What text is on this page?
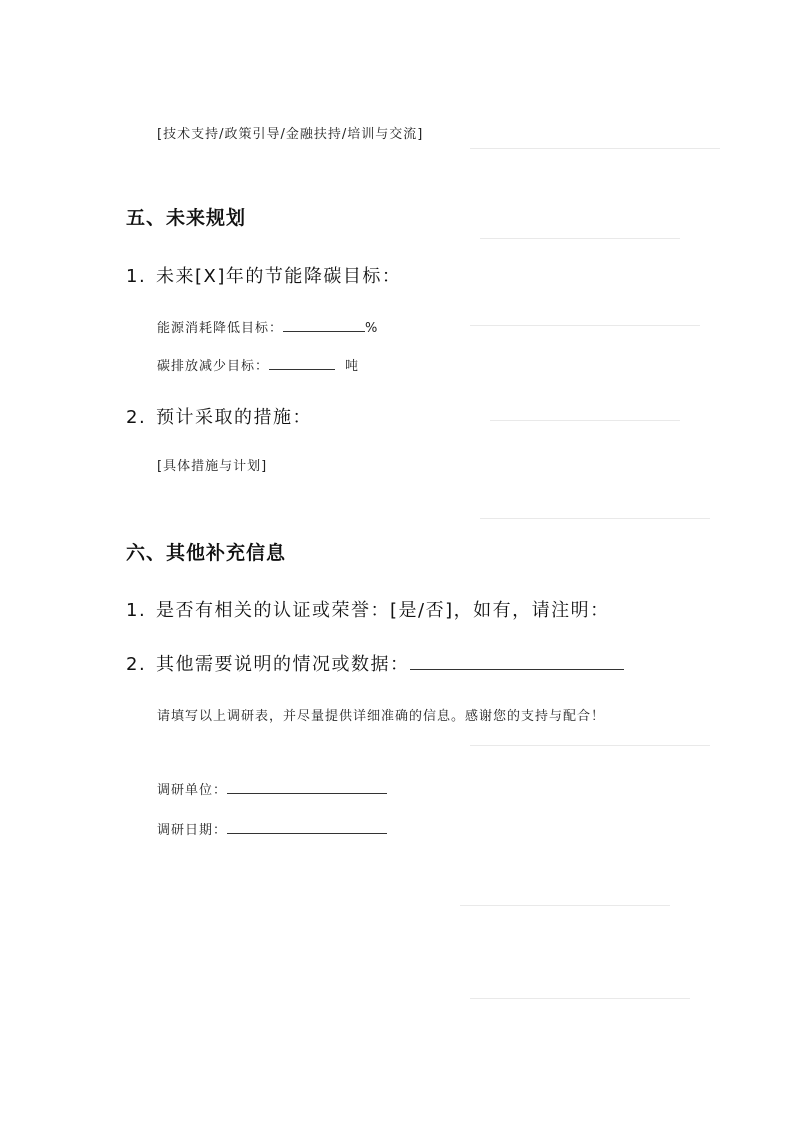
[技术支持/政策引导/金融扶持/培训与交流]
五、未来规划
1. 未来[X]年的节能降碳目标：
能源消耗降低目标：	%
碳排放减少目标：	吨
2. 预计采取的措施：
[具体措施与计划]
六、其他补充信息
1. 是否有相关的认证或荣誉：[是/否]，如有，请注明：
2. 其他需要说明的情况或数据：
请填写以上调研表，并尽量提供详细准确的信息。感谢您的支持与配合！
调研单位：
调研日期：
